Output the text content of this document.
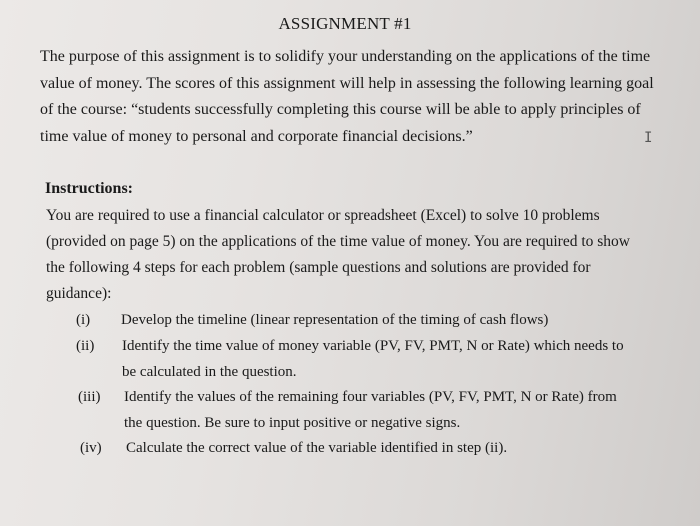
ASSIGNMENT #1
The purpose of this assignment is to solidify your understanding on the applications of the time
value of money. The scores of this assignment will help in assessing the following learning goal
of the course: “students successfully completing this course will be able to apply principles of
time value of money to personal and corporate financial decisions.”	I
Instructions:
You are required to use a financial calculator or spreadsheet (Excel) to solve 10 problems
(provided on page 5) on the applications of the time value of money. You are required to show
the following 4 steps for each problem (sample questions and solutions are provided for
guidance):
(i) Develop the timeline (linear representation of the timing of cash flows)
(ii) Identify the time value of money variable (PV, FV, PMT, N or Rate) which needs to
be calculated in the question.
(iii) Identify the values of the remaining four variables (PV, FV, PMT, N or Rate) from
the question. Be sure to input positive or negative signs.
(iv) Calculate the correct value of the variable identified in step (ii).
